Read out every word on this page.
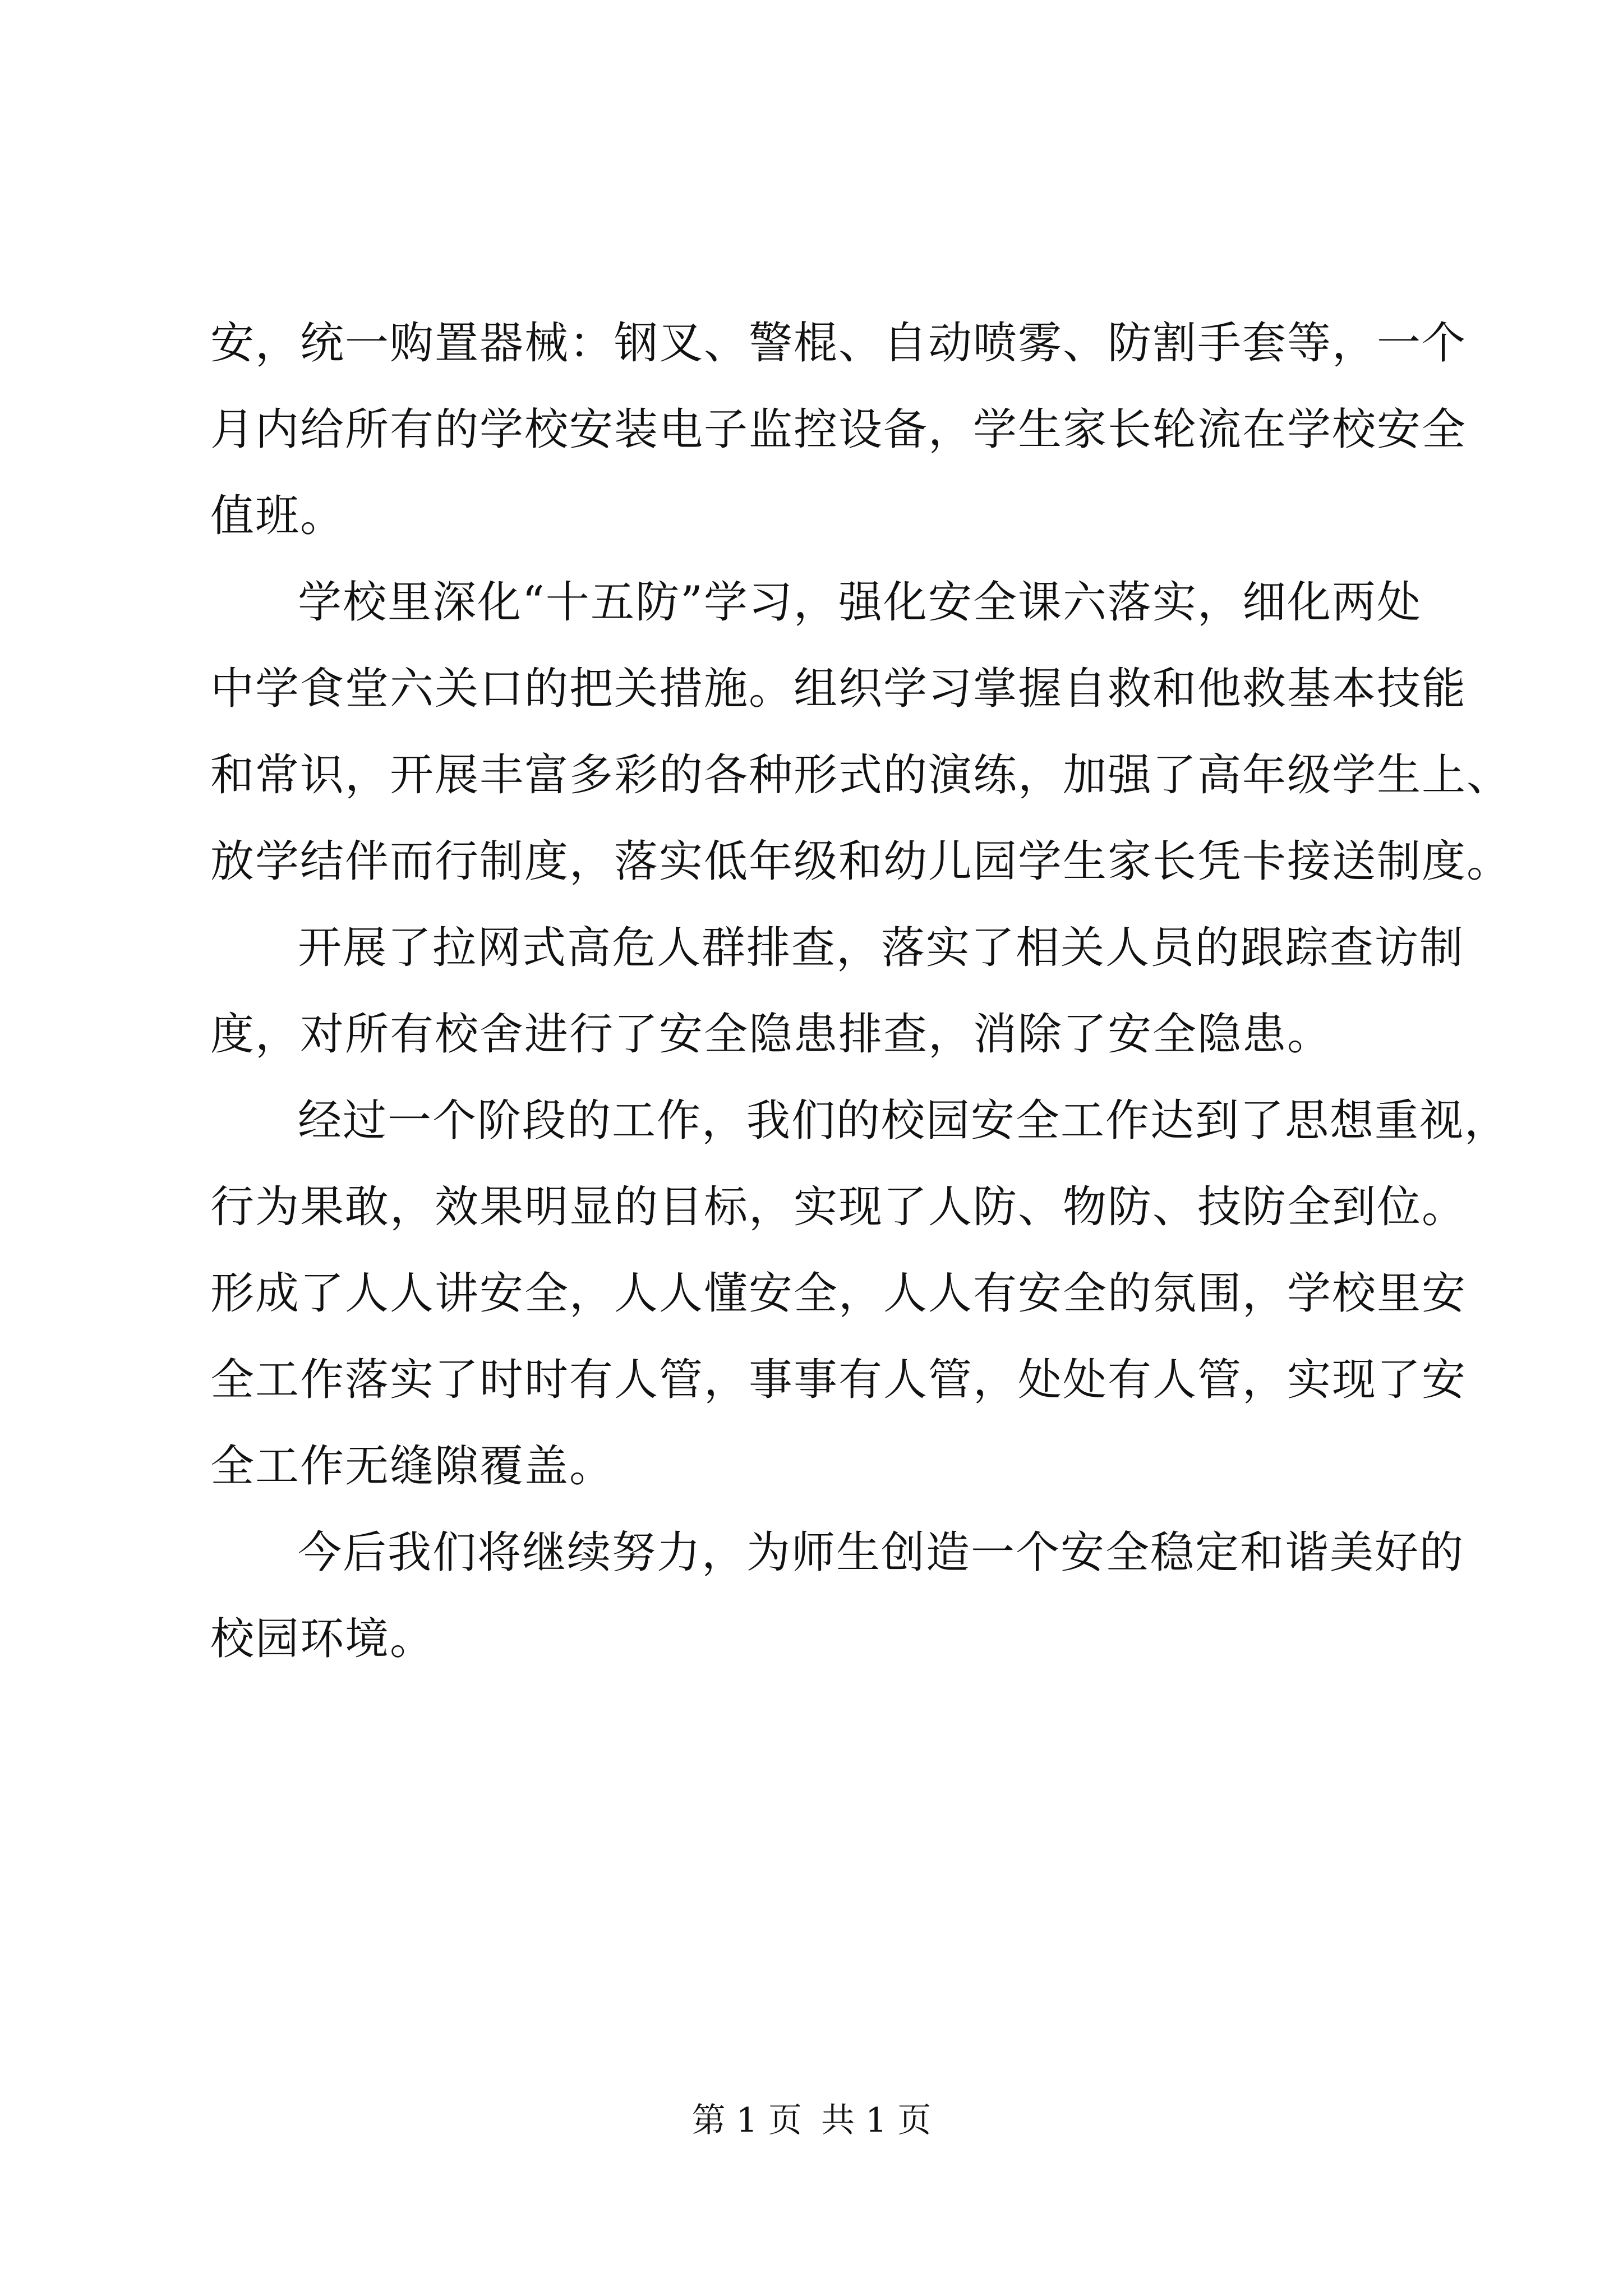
安，统一购置器械：钢叉、警棍、自动喷雾、防割手套等，一个
月内给所有的学校安装电子监控设备，学生家长轮流在学校安全
值班。
学校里深化“十五防”学习，强化安全课六落实，细化两处
中学食堂六关口的把关措施。组织学习掌握自救和他救基本技能
和常识，开展丰富多彩的各种形式的演练，加强了高年级学生上、
放学结伴而行制度，落实低年级和幼儿园学生家长凭卡接送制度。
开展了拉网式高危人群排查，落实了相关人员的跟踪查访制
度，对所有校舍进行了安全隐患排查，消除了安全隐患。
经过一个阶段的工作，我们的校园安全工作达到了思想重视，
行为果敢，效果明显的目标，实现了人防、物防、技防全到位。
形成了人人讲安全，人人懂安全，人人有安全的氛围，学校里安
全工作落实了时时有人管，事事有人管，处处有人管，实现了安
全工作无缝隙覆盖。
今后我们将继续努力，为师生创造一个安全稳定和谐美好的
校园环境。
第 1 页 共 1 页
